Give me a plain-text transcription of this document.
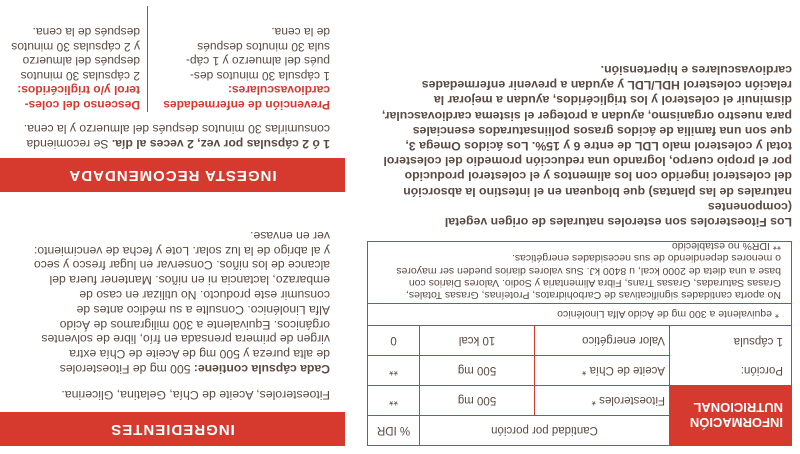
INFORMACIÓN
NUTRICIONAL
Cantidad por porción
% IDR
Fitoesteroles

*
500 mg
**
Porción:
1 cápsula
Aceite de Chía

*
500 mg
**
Valor energético
10 kcal
0
* equivalente a 300 mg de Ácido Alfa Linolénico
No aporta cantidades significativas de Carbohidratos, Proteínas, Grasas Totales,
Grasas Saturadas, Grasas Trans, Fibra Alimentaria y Sodio. Valores Diarios con
base a una dieta de 2000 kcal, u 8400 kJ. Sus valores diarios pueden ser mayores
o menores dependiendo de sus necesidades energéticas.
** IDR% no establecido
Los Fitoesteroles son esteroles naturales de origen vegetal (componentes
naturales de las plantas) que bloquean en el intestino la absorción
del colesterol ingerido con los alimentos y el colesterol producido
por el propio cuerpo, logrando una reducción promedio del colesterol
total y colesterol malo LDL de entre 6 y 15%. Los ácidos Omega 3,
que son una familia de ácidos grasos poliinsaturados esenciales
para nuestro organismo, ayudan a proteger el sistema cardiovascular,
disminuir el colesterol y los triglicéridos, ayudan a mejorar la
relación colesterol HDL/LDL y ayudan a prevenir enfermedades
cardiovasculares e hipertensión.
INGREDIENTES
Fitoesteroles, Aceite de Chía, Gelatina, Glicerina.
Cada cápsula contiene: 500 mg de Fitoesteroles
de alta pureza y 500 mg de Aceite de Chía extra
virgen de primera prensada en frío, libre de solventes
orgánicos. Equivalente a 300 miligramos de Ácido
Alfa Linolénico. Consulte a su médico antes de
consumir este producto. No utilizar en caso de
embarazo, lactancia ni en niños. Mantener fuera del
alcance de los niños. Conservar en lugar fresco y seco
y al abrigo de la luz solar. Lote y fecha de vencimiento:
ver en envase.
INGESTA RECOMENDADA
1 ó 2 cápsulas por vez, 2 veces al día. Se recomienda
consumirlas 30 minutos después del almuerzo y la cena.
Prevención de enfermedades
cardiovasculares:
1 cápsula 30 minutos des-
pués del almuerzo y 1 cáp-
sula 30 minutos después
de la cena.
Descenso del coles-
terol y/o triglicéridos:
2 cápsulas 30 minutos
después del almuerzo
y 2 cápsulas 30 minutos
después de la cena.
